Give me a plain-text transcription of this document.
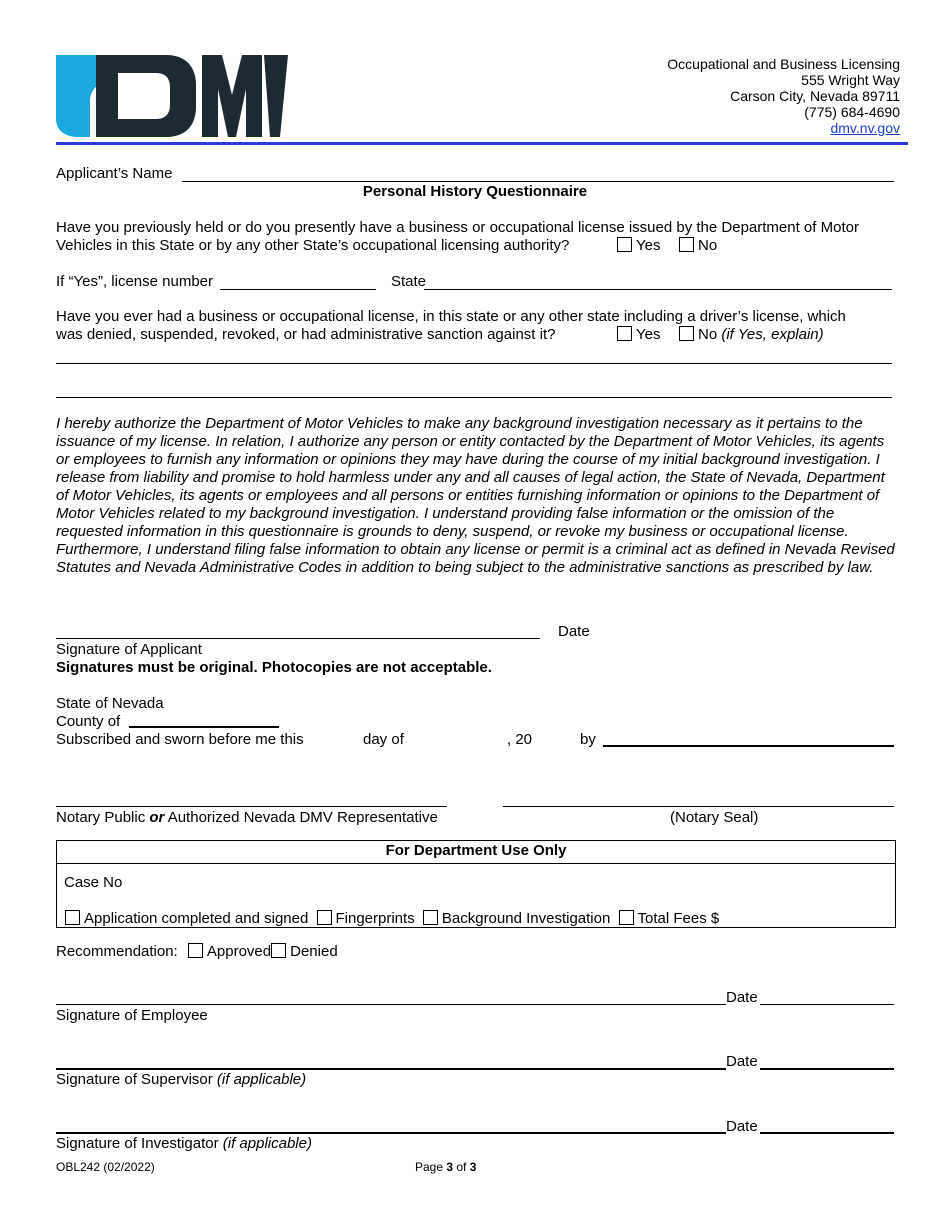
Occupational and Business Licensing
555 Wright Way
Carson City, Nevada 89711
(775) 684-4690
dmv.nv.gov
Applicant’s Name
Personal History Questionnaire
Have you previously held or do you presently have a business or occupational license issued by the Department of Motor
Vehicles in this State or by any other State’s occupational licensing authority?	Yes	No
If “Yes”, license number	State
Have you ever had a business or occupational license, in this state or any other state including a driver’s license, which
was denied, suspended, revoked, or had administrative sanction against it?	Yes	No (if Yes, explain)
I hereby authorize the Department of Motor Vehicles to make any background investigation necessary as it pertains to the issuance of my license. In relation, I authorize any person or entity contacted by the Department of Motor Vehicles, its agents or employees to furnish any information or opinions they may have during the course of my initial background investigation. I release from liability and promise to hold harmless under any and all causes of legal action, the State of Nevada, Department of Motor Vehicles, its agents or employees and all persons or entities furnishing information or opinions to the Department of Motor Vehicles related to my background investigation. I understand providing false information or the omission of the requested information in this questionnaire is grounds to deny, suspend, or revoke my business or occupational license. Furthermore, I understand filing false information to obtain any license or permit is a criminal act as defined in Nevada Revised Statutes and Nevada Administrative Codes in addition to being subject to the administrative sanctions as prescribed by law.
Date
Signature of Applicant
Signatures must be original. Photocopies are not acceptable.
State of Nevada
County of
Subscribed and sworn before me this	day of	, 20	by
Notary Public or Authorized Nevada DMV Representative	(Notary Seal)
For Department Use Only
Case No
Application completed and signed Fingerprints Background Investigation Total Fees $
Recommendation: Approved Denied
Date
Signature of Employee
Date
Signature of Supervisor (if applicable)
Date
Signature of Investigator (if applicable)
OBL242 (02/2022)	Page 3 of 3
